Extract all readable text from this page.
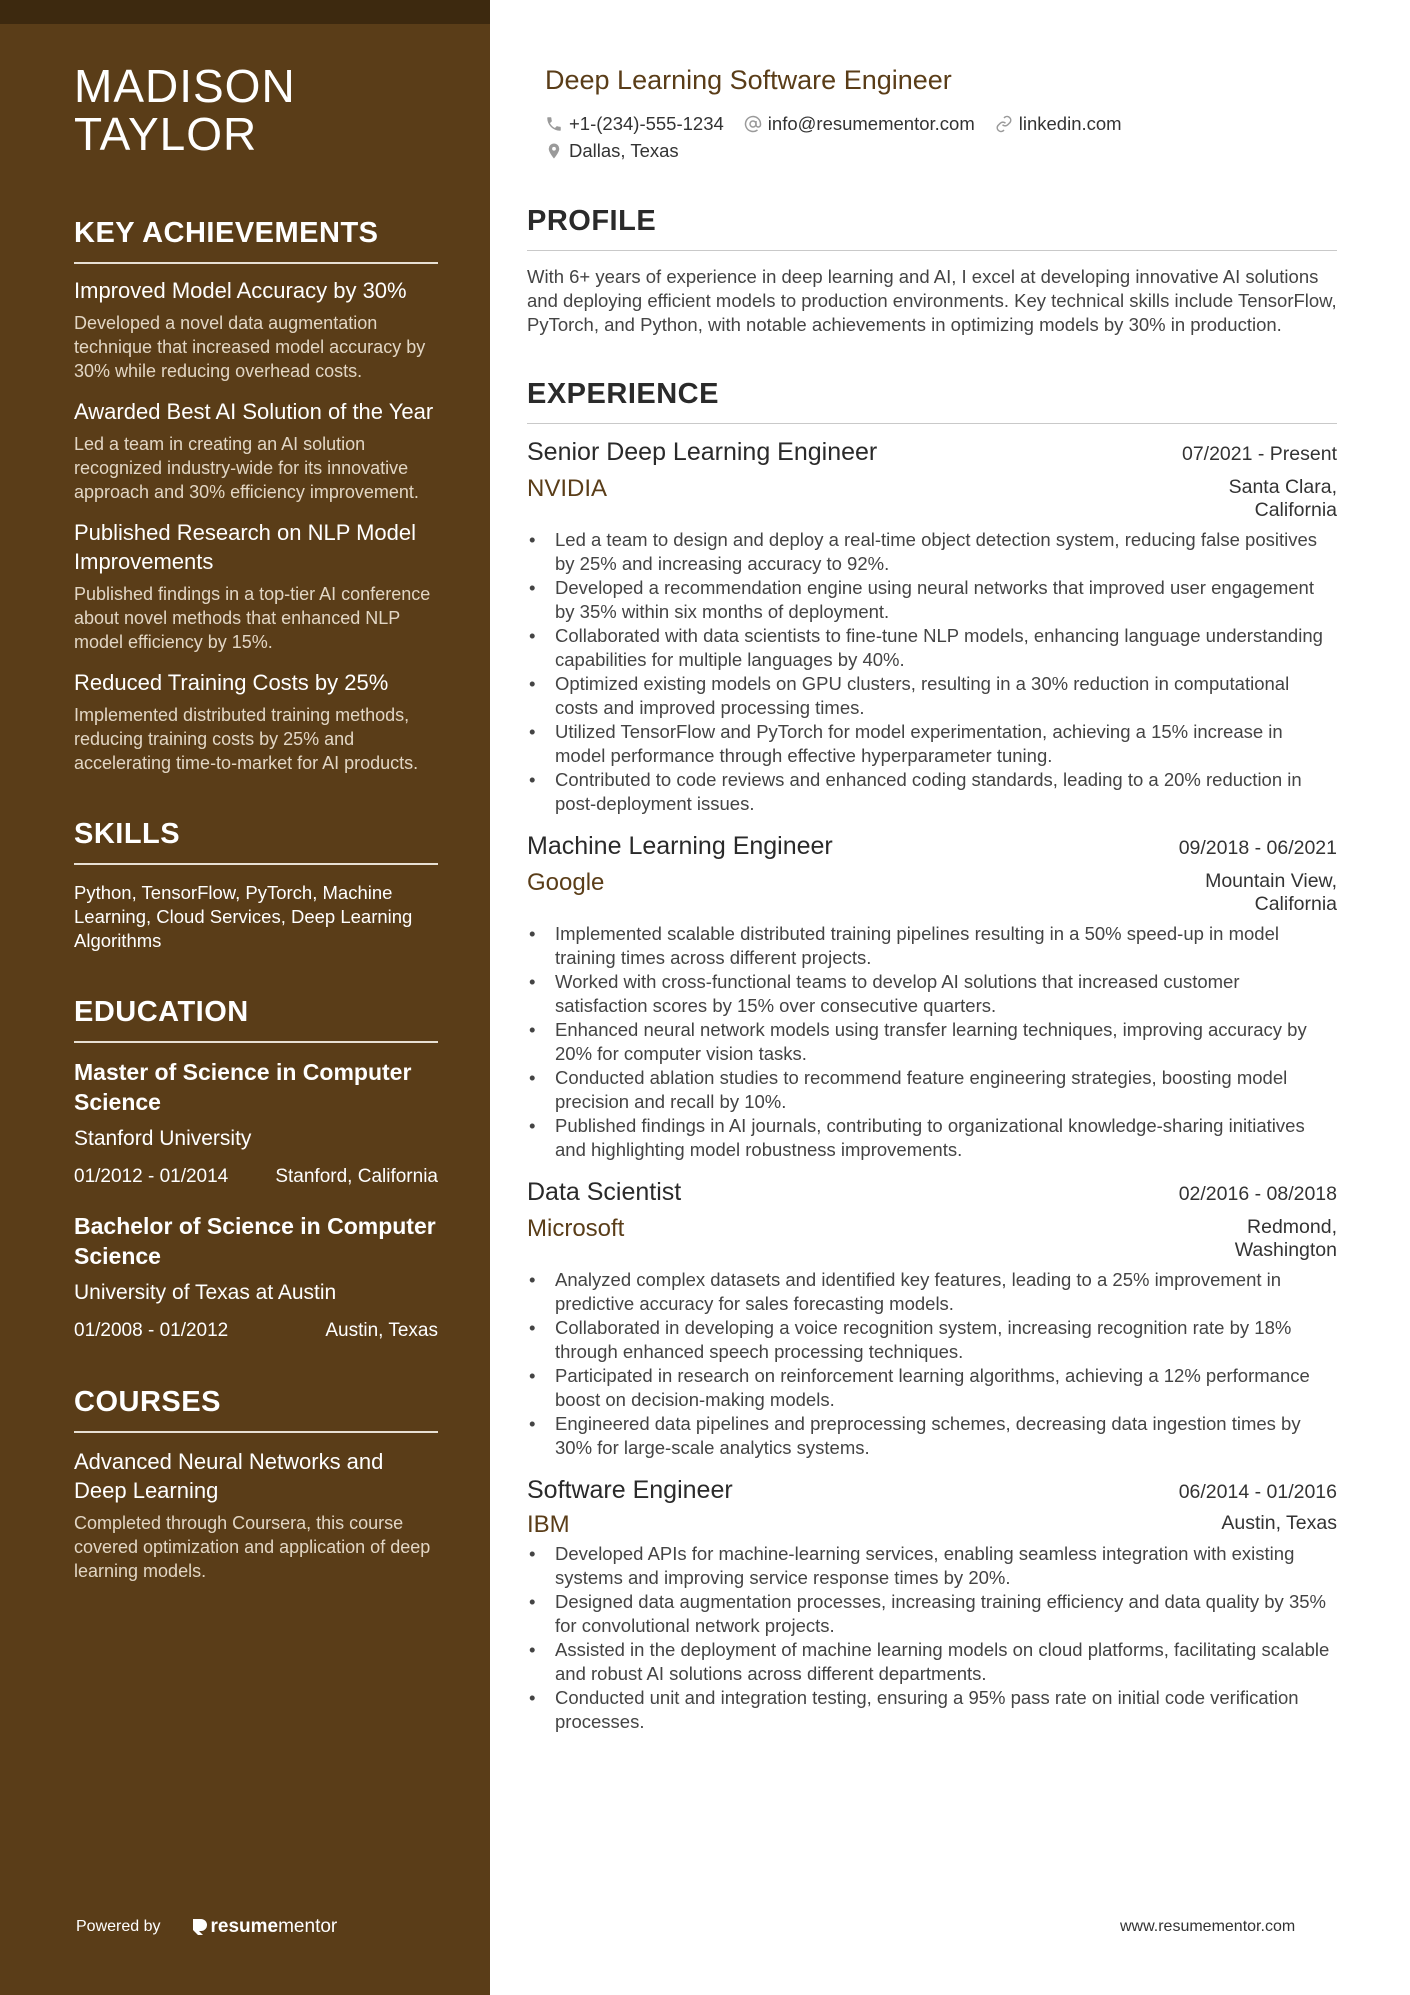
MADISON
TAYLOR
KEY ACHIEVEMENTS
Improved Model Accuracy by 30%
Developed a novel data augmentation technique that increased model accuracy by 30% while reducing overhead costs.
Awarded Best AI Solution of the Year
Led a team in creating an AI solution recognized industry-wide for its innovative approach and 30% efficiency improvement.
Published Research on NLP Model Improvements
Published findings in a top-tier AI conference about novel methods that enhanced NLP model efficiency by 15%.
Reduced Training Costs by 25%
Implemented distributed training methods, reducing training costs by 25% and accelerating time-to-market for AI products.
SKILLS
Python, TensorFlow, PyTorch, Machine Learning, Cloud Services, Deep Learning Algorithms
EDUCATION
Master of Science in Computer Science
Stanford University
01/2012 - 01/2014 Stanford, California
Bachelor of Science in Computer Science
University of Texas at Austin
01/2008 - 01/2012	Austin, Texas
COURSES
Advanced Neural Networks and Deep Learning
Completed through Coursera, this course covered optimization and application of deep learning models.
Powered by	resume mentor
Deep Learning Software Engineer
+1-(234)-555-1234 info@resumementor.com linkedin.com
Dallas, Texas
PROFILE

With 6+ years of experience in deep learning and AI, I excel at developing innovative AI solutions and deploying efficient models to production environments. Key technical skills include TensorFlow, PyTorch, and Python, with notable achievements in optimizing models by 30% in production.

EXPERIENCE
Senior Deep Learning Engineer	07/2021 - Present
NVIDIA	Santa Clara, California
• Led a team to design and deploy a real-time object detection system, reducing false positives by 25% and increasing accuracy to 92%.
• Developed a recommendation engine using neural networks that improved user engagement by 35% within six months of deployment.
• Collaborated with data scientists to fine-tune NLP models, enhancing language understanding capabilities for multiple languages by 40%.
• Optimized existing models on GPU clusters, resulting in a 30% reduction in computational costs and improved processing times.
• Utilized TensorFlow and PyTorch for model experimentation, achieving a 15% increase in model performance through effective hyperparameter tuning.
• Contributed to code reviews and enhanced coding standards, leading to a 20% reduction in post-deployment issues.
Machine Learning Engineer	09/2018 - 06/2021
Google	Mountain View, California
• Implemented scalable distributed training pipelines resulting in a 50% speed-up in model training times across different projects.
• Worked with cross-functional teams to develop AI solutions that increased customer satisfaction scores by 15% over consecutive quarters.
• Enhanced neural network models using transfer learning techniques, improving accuracy by 20% for computer vision tasks.
• Conducted ablation studies to recommend feature engineering strategies, boosting model precision and recall by 10%.
• Published findings in AI journals, contributing to organizational knowledge-sharing initiatives and highlighting model robustness improvements.
Data Scientist	02/2016 - 08/2018
Microsoft	Redmond, Washington
• Analyzed complex datasets and identified key features, leading to a 25% improvement in predictive accuracy for sales forecasting models.
• Collaborated in developing a voice recognition system, increasing recognition rate by 18% through enhanced speech processing techniques.
• Participated in research on reinforcement learning algorithms, achieving a 12% performance boost on decision-making models.
• Engineered data pipelines and preprocessing schemes, decreasing data ingestion times by 30% for large-scale analytics systems.
Software Engineer	06/2014 - 01/2016
IBM	Austin, Texas
• Developed APIs for machine-learning services, enabling seamless integration with existing systems and improving service response times by 20%.
• Designed data augmentation processes, increasing training efficiency and data quality by 35% for convolutional network projects.
• Assisted in the deployment of machine learning models on cloud platforms, facilitating scalable and robust AI solutions across different departments.
• Conducted unit and integration testing, ensuring a 95% pass rate on initial code verification processes.
www.resumementor.com
